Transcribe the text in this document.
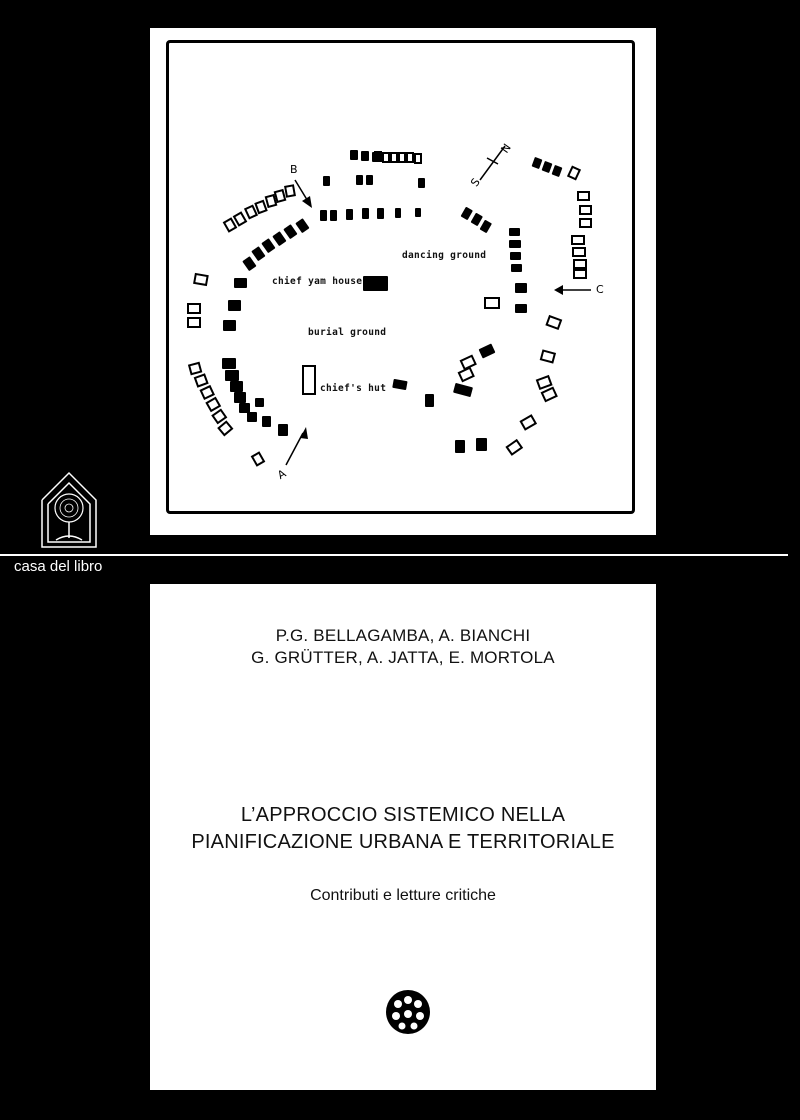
dancing ground
chief yam house
burial ground
chief's hut
N
S
B
A
C
casa del libro
P.G. BELLAGAMBA, A. BIANCHI
G. GRÜTTER, A. JATTA, E. MORTOLA
L’APPROCCIO SISTEMICO NELLA
PIANIFICAZIONE URBANA E TERRITORIALE
Contributi e letture critiche
